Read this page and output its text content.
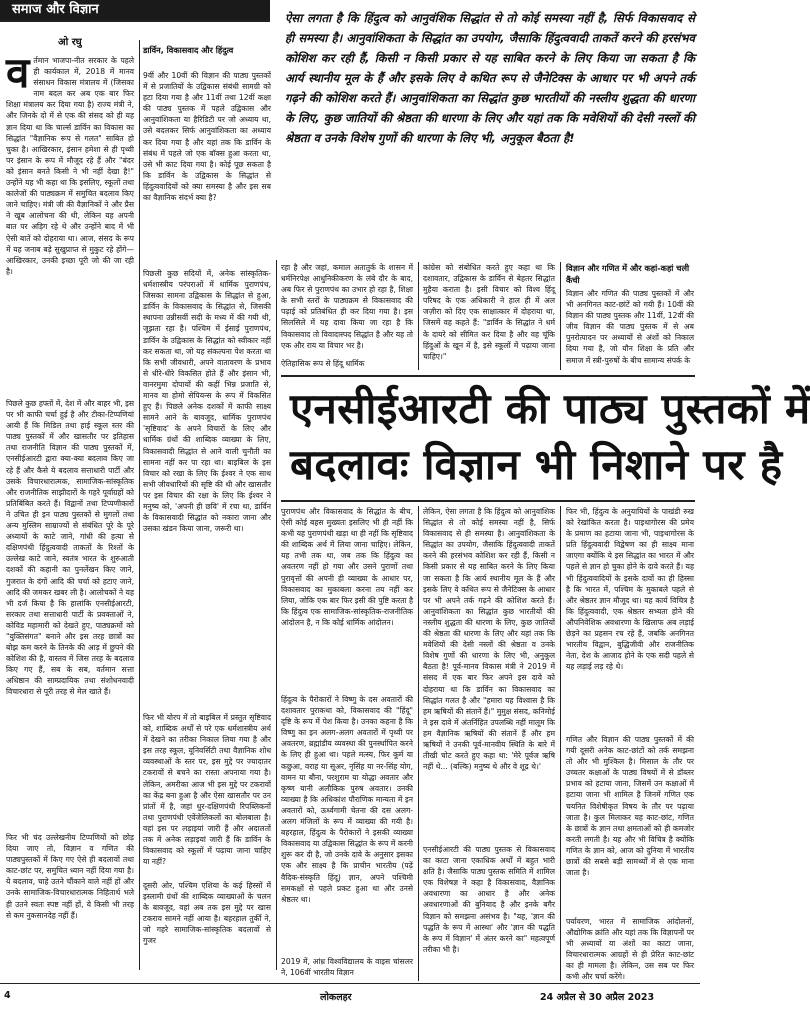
समाज और विज्ञान
ऐसा लगता है कि हिंदुत्व को आनुवंशिक सिद्धांत से तो कोई समस्या नहीं है, सिर्फ विकासवाद से ही समस्या है। आनुवांशिकता के सिद्धांत का उपयोग, जैसाकि हिंदुत्ववादी ताकतें करने की हरसंभव कोशिश कर रही हैं, किसी न किसी प्रकार से यह साबित करने के लिए किया जा सकता है कि आर्य स्थानीय मूल के हैं और इसके लिए वे कथित रूप से जैनेटिक्स के आधार पर भी अपने तर्क गढ़ने की कोशिश करते हैं। आनुवांशिकता का सिद्धांत कुछ भारतीयों की नस्लीय शुद्धता की धारणा के लिए, कुछ जातियों की श्रेष्ठता की धारणा के लिए और यहां तक कि मवेशियों की देसी नस्लों की श्रेष्ठता व उनके विशेष गुणों की धारणा के लिए भी, अनुकूल बैठता है!
ओ रघु
वर्तमान भाजपा-नीत सरकार के पहले ही कार्यकाल में, 2018 में मानव संसाधन विकास मंत्रालय में (जिसका नाम बदल कर अब एक बार फिर शिक्षा मंत्रालय कर दिया गया है) राज्य मंत्री ने, और जिनके दो में से एक की संसद को ही यह ज्ञान दिया था कि चार्ल्स डार्विन का विकास का सिद्धांत "वैज्ञानिक रूप से गलत" साबित हो चुका है। आखिरकार, इंसान हमेशा से ही पृथ्वी पर इंसान के रूप में मौजूद रहे हैं और "बंदर को इंसान बनते किसी ने भी नहीं देखा है!" उन्होंने यह भी कहा था कि इसलिए, स्कूलों तथा कालेजों की पाठ्यक्रम में समुचित बदलाव किए जाने चाहिए। मंत्री जी की वैज्ञानिकों ने और प्रैस ने खूब आलोचना की थी, लेकिन यह अपनी बात पर अड़िग रहे थे और उन्होंने बाद में भी ऐसी बातें को दोहराया था। आज, संसद के रूप में यह जनाब बड़े सुखुप्राप्त से मुकुट रहे होंगे—आखिरकार, उनकी इच्छा पूरी जो की जा रही है।
पिछले कुछ हफ्तों में, देश में और बाहर भी, इस पर भी काफी चर्चा हुई है और टीका-टिप्पणियां आयी हैं कि मिडिल तथा हाई स्कूल स्तर की पाठ्य पुस्तकों में और खासतौर पर इतिहास तथा राजनीति विज्ञान की पाठ्य पुस्तकों में, एनसीईआरटी द्वारा क्या-क्या बदलाव किए जा रहे हैं और कैसे ये बदलाव सत्ताधारी पार्टी और उसके विचारधारात्मक, सामाजिक-सांस्कृतिक और राजनीतिक साझीदारों के गहरे पूर्वाग्रहों को प्रतिबिंबित करते हैं। विद्वानों तथा टिप्पणीकारों ने उचित ही इन पाठ्य पुस्तकों से मुगलों तथा अन्य मुस्लिम साम्राज्यों से संबंधित पूरे के पूरे अध्यायों के काटे जाने, गांधी की हत्या से दक्षिणपंथी हिंदुत्ववादी ताकतों के रिश्तों के उल्लेख काटे जाने, स्वतंत्र भारत के शुरुआती दशकों की कहानी का पुनर्लेखन किए जाने, गुजरात के दंगों आदि की चर्चा को हटाए जाने, आदि की जमकर खबर ली है। आलोचकों ने यह भी दर्ज किया है कि हालांकि एनसीईआरटी, सरकार तथा सत्ताधारी पार्टी के प्रवक्ताओं ने, कोविड महामारी को देखते हुए, पाठ्यक्रमों को "युक्तिसंगत" बनाने और इस तरह छात्रों का बोझ कम करने के तिनके की आड़ में छुपने की कोशिश की है, वास्तव में जिस तरह के बदलाव किए गए हैं, सब के सब, वर्तमान सत्ता अधिष्ठान की साम्प्रदायिक तथा संशोधनवादी विचारधारा से पूरी तरह से मेल खाते हैं।
फिर भी चंद उल्लेखनीय टिप्पणियों को छोड़ दिया जाए तो, विज्ञान व गणित की पाठ्यपुस्तकों में किए गए ऐसे ही बदलावों तथा काट-छांट पर, समुचित ध्यान नहीं दिया गया है। ये बदलाव, चाहे उतने चौंकाने वाले नहीं हों और उनके सामाजिक-विचारधारात्मक निहितार्थ भले ही उतने स्वतः स्पष्ट नहीं हों, ये किसी भी तरह से कम नुकसानदेह नहीं हैं।
डार्विन, विकासवाद और हिंदुत्व
9वीं और 10वीं की विज्ञान की पाठ्य पुस्तकों में से प्रजातियों के उद्विकास संबंधी सामग्री को हटा दिया गया है और 11वीं तथा 12वीं कक्षा की पाठ्य पुस्तक में पहले उद्विकास और आनुवांशिकता या हैरिडिटी पर जो अध्याय था, उसे बदलकर सिर्फ आनुवांशिकता का अध्याय कर दिया गया है और यहां तक कि डार्विन के संबंध में पहले जो एक बॉक्स हुआ करता था, उसे भी काट दिया गया है। कोई पूछ सकता है कि डार्विन के उद्विकास के सिद्धांत से हिंदुत्ववादियों को क्या समस्या है और इस सब का वैज्ञानिक संदर्भ क्या है?
पिछली कुछ सदियों में, अनेक सांस्कृतिक-धर्मशास्त्रीय परंपराओं में धार्मिक पुराणपंथ, जिसका सामना उद्विकास के सिद्धांत से हुआ, डार्विन के विकासवाद के सिद्धांत से, जिसकी स्थापना उन्नीसवीं सदी के मध्य में की गयी थी, जूझता रहा है। पश्चिम में ईसाई पुराणपंथ, डार्विन के उद्विकास के सिद्धांत को स्वीकार नहीं कर सकता था, जो यह संकल्पना पेश करता था कि सभी जीवधारी, अपने वातावरण के प्रभाव से धीरे-धीरे विकसित होते हैं और इंसान भी, वानरमुमा दोपायों की कहीं भिन्न प्रजाति से, मानव या होमो सेपियन्स के रूप में विकसित हुए हैं। पिछले अनेक दशकों में काफी साक्ष्य सामने आने के बावजूद, धार्मिक पुराणपंथ 'सृष्टिवाद' के अपने विचारों के लिए और धार्मिक ग्रंथों की शाब्दिक व्याख्या के लिए, विकासवादी सिद्धांत से आने वाली चुनौती का सामना नहीं कर पा रहा था। बाइबिल के इस विचार को रखा के लिए कि ईश्वर ने एक साथ सभी जीवधारियों की सृष्टि की थी और खासतौर पर इस विचार की रक्षा के लिए कि ईश्वर ने मनुष्य को, 'अपनी ही छवि' में रचा था, डार्विन के विकासवादी सिद्धांत को नकारा जाना और उसका खंडन किया जाना, जरूरी था।
फिर भी योरप में तो बाइबिल में प्रस्तुत सृष्टिवाद को, शाब्दिक अर्थों से परे एक धर्मशास्त्रीय अर्थ में देखने का तरीका निकाल लिया गया है और इस तरह स्कूल, यूनिवर्सिटी तथा वैज्ञानिक शोध व्यवस्थाओं के स्तर पर, इस मुद्दे पर ज्यादातर टकरावों से बचने का रास्ता अपनाया गया है। लेकिन, अमरीका आज भी इस मुद्दे पर टकरावों का केंद्र बना हुआ है और ऐसा खासतौर पर उन प्रांतों में है, जहां धुर-दक्षिणपंथी रिपब्लिकनों तथा पुराणपंथी एवेंजेलिकलों का बोलबाला है। वहां इस पर लड़ाइयां जारी हैं और अदालतों तक में अनेक लड़ाइयां जारी हैं कि डार्विन के विकासवाद को स्कूलों में पढ़ाया जाना चाहिए या नहीं?
दूसरी ओर, पश्चिम एशिया के कई हिस्सों में इस्लामी ग्रंथों की शाब्दिक व्याख्याओं के चलन के बावजूद, वहां अब तक इस मुद्दे पर खास टकराव सामने नहीं आया है। बहरहाल तुर्की ने, जो गहरे सामाजिक-सांस्कृतिक बदलावों से गुजर
रहा है और जहां, कमाल अतातुर्क के शासन में धर्मनिरपेक्ष आधुनिकीकरण के लंबे दौर के बाद, अब फिर से पुराणपंथ का उभार हो रहा है, शिक्षा के सभी स्तरों के पाठ्यक्रम से विकासवाद की पढ़ाई को प्रतिबंधित ही कर दिया गया है। इस सिलसिले में यह दावा किया जा रहा है कि विकासवाद तो विवादास्पद सिद्धांत है और यह तो एक और राय या विचार भर है।
ऐतिहासिक रूप से हिंदू धार्मिक
कांग्रेस को संबोधित करते हुए कहा था कि दशावतार, उद्विकास के डार्विन से बेहतर सिद्धांत मुहैया कराता है। इसी विचार को विश्व हिंदू परिषद के एक अधिकारी ने हाल ही में अल जज़ीरा को दिए एक साक्षात्कार में दोहराया था, जिसमें वह कहते हैं: "डार्विन के सिद्धांत ने धर्म के दायरे को सीमित कर दिया है और वह चूंकि हिंदुओं के खून में है, इसे स्कूलों में पढ़ाया जाना चाहिए।"
विज्ञान और गणित में और कहां-कहां चली कैंची
विज्ञान और गणित की पाठ्य पुस्तकों में और भी अनगिनत काट-छांटें को गयी हैं। 10वीं की विज्ञान की पाठ्य पुस्तक और 11वीं, 12वीं की जीव विज्ञान की पाठ्य पुस्तक में से अब पुनरोत्पादन पर अध्यायों से अंशों को निकाल दिया गया है, जो यौन शिक्षा के प्रति और समाज में स्त्री-पुरुषों के बीच सामान्य संपर्क के
एनसीईआरटी की पाठ्य पुस्तकों में
बदलावः विज्ञान भी निशाने पर है
पुराणपंथ और विकासवाद के सिद्धांत के बीच, ऐसी कोई बहस मुख्यतः इसलिए भी ही नहीं कि कभी यह पुराणपंथी खड़ा था ही नहीं कि सृष्टिवाद की शाब्दिक अर्थ में लिया जाना चाहिए। लेकिन, यह तभी तक था, जब तक कि हिंदुत्व का अवतरण नहीं हो गया और उसने पुराणों तथा पुरावृत्तों की अपनी ही व्याख्या के आधार पर, विकासवाद का मुकाबला करना तय नहीं कर लिया, जोकि एक बार फिर इसी की पुष्टि करता है कि हिंदुत्व एक सामाजिक-सांस्कृतिक-राजनीतिक आंदोलन है, न कि कोई धार्मिक आंदोलन।
हिंदुत्व के पैरोकारों ने विष्णु के दस अवतारों की दशावतार पुराकथा को, विकासवाद की "हिंदू" दृष्टि के रूप में पेश किया है। उनका कहना है कि विष्णु का इन अलग-अलग अवतारों में पृथ्वी पर अवतरण, ब्रह्मांडीय व्यवस्था की पुनर्स्थापित करने के लिए ही हुआ था। पहले मत्स्य, फिर कूर्म या कछुआ, वराह या सूअर, नृसिंह या नर-सिंह योग, वामन या बौना, परशुराम या योद्धा अवतार और कृष्ण यानी अलौकिक पुरुष अवतार। उनकी व्याख्या है कि अधिकांश पौराणिक मान्यता में इन अवतारों को, ऊर्ध्वगामी चेतना की दस अलग-अलग मंजिलों के रूप में व्याख्या की गयी है। बहरहाल, हिंदुत्व के पैरोकारों ने इसकी व्याख्या विकासवाद या उद्विकास सिद्धांत के रूप में करनी शुरू कर दी है, जो उनके दावे के अनुसार इसका एक और साक्ष्य है कि प्राचीन भारतीय (पढ़ें वैदिक-संस्कृति हिंदू) ज्ञान, अपने पश्चिमी समकक्षों से पहले प्रकट हुआ था और उनसे श्रेष्ठतर था।
2019 में, आंध्र विश्वविद्यालय के वाइस चांसलर ने, 106वीं भारतीय विज्ञान
लेकिन, ऐसा लगता है कि हिंदुत्व को आनुवांशिक सिद्धांत से तो कोई समस्या नहीं है, सिर्फ विकासवाद से ही समस्या है। आनुवांशिकता के सिद्धांत का उपयोग, जैसाकि हिंदुत्ववादी ताकतें करने की हरसंभव कोशिश कर रही हैं, किसी न किसी प्रकार से यह साबित करने के लिए किया जा सकता है कि आर्य स्थानीय मूल के हैं और इसके लिए वे कथित रूप से जैनेटिक्स के आधार पर भी अपने तर्क गढ़ने की कोशिश करते हैं। आनुवांशिकता का सिद्धांत कुछ भारतीयों की नस्लीय शुद्धता की धारणा के लिए, कुछ जातियों की श्रेष्ठता की धारणा के लिए और यहां तक कि मवेशियों की देसी नस्लों की श्रेष्ठता व उनके विशेष गुणों की धारणा के लिए भी, अनुकूल बैठता है! पूर्व-मानव विकास मंत्री ने 2019 में संसद में एक बार फिर अपने इस दावे को दोहराया था कि डार्विन का विकासवाद का सिद्धांत गलत है और "हमारा यह विश्वास है कि हम ऋषियों की संतानें हैं।" मुमुक्ष संसद, कनिमोई ने इस दावे में अंतर्निहित उपलब्धि नहीं मालूम कि हम वैज्ञानिक ऋषियों की संतानें हैं और हम ऋषियों ने उनकी पूर्व-मानवीय स्थिति के बारे में तीखी चोट करते हुए कहा था: 'मेरे पूर्वज ऋषि नहीं थे... (बल्कि) मनुष्य थे और वे शूद्र थे।'
एनसीईआरटी की पाठ्य पुस्तक से विकासवाद का काटा जाना एकाधिक अर्थों में बहुत भारी क्षति है। जैसाकि पाठ्य पुस्तक समिति में शामिल एक विशेषज्ञ ने कहा है विकासवाद, वैज्ञानिक अवधारणा का आधार है और अनेक अवधारणाओं की बुनियाद है और इनके बगैर विज्ञान को समझना असंभव है। "यह, 'ज्ञान की पद्धति के रूप में आस्था' और 'ज्ञान की पद्धति के रूप में विज्ञान' में अंतर करने का" महत्वपूर्ण तरीका भी है।
फिर भी, हिंदुत्व के अनुयायियों के पाखंडी रुख को रेखांकित करता है। पाइथागोरस की प्रमेय के प्रमाण का हटाया जाना भी, पाइथागोरस के प्रति हिंदुत्ववादी विद्वेषण का ही साक्ष्य माना जाएगा क्योंकि ये इस सिद्धांत का भारत में और पहले से ज्ञान हो चुका होने के दावे करते हैं। यह भी हिंदुत्ववादियों के इसके दावों का ही हिस्सा है कि भारत में, पश्चिम के मुकाबले पहले से और श्रेष्ठतर ज्ञान मौजूद था। यह कार्य विचित्र है कि हिंदुत्ववादी, एक श्रेष्ठतर सभ्यता होने की औपनिवेशिक अवधारणा के खिलाफ अब लड़ाई छेड़ने का प्रहसन रच रहे हैं, जबकि अनगिनत भारतीय विद्वान, बुद्धिजीवी और राजनीतिक नेता, देश के आजाद होने के एक सदी पहले से यह लड़ाई लड़ रहे थे।
गणित और विज्ञान की पाठ्य पुस्तकों में की गयी दूसरी अनेक काट-छांटों को तर्क समझना तो और भी मुश्किल है। मिसाल के तौर पर उच्चतर कक्षाओं के पाठ्य विषयों में से डॉब्लर प्रभाव को हटाया जाना, जिसमें उन कक्षाओं में हटाया जाना भी शामिल है जिनमें गणित एक चयनित विशेषीकृत विषय के तौर पर पढ़ाया जाता है। कुल मिलाकर यह काट-छांट, गणित के छात्रों के ज्ञान तथा क्षमताओं को ही कमजोर करती लगती है। यह और भी विचित्र है क्योंकि गणित के ज्ञान को, आज को दुनिया में भारतीय छात्रों की सबसे बड़ी सामर्थ्यों में से एक माना जाता है।
पर्यावरण, भारत में सामाजिक आंदोलनों, औद्योगिक क्रांति और यहां तक कि विज्ञापनों पर भी अध्यायों या अंशों का काटा जाना, विचारधारात्मक आग्रहों से ही प्रेरित काट-छांट का ही मामला है। लेकिन, उस सब पर फिर कभी और चर्चा करेंगे।
4	लोकलहर	24 अप्रैल से 30 अप्रैल 2023
